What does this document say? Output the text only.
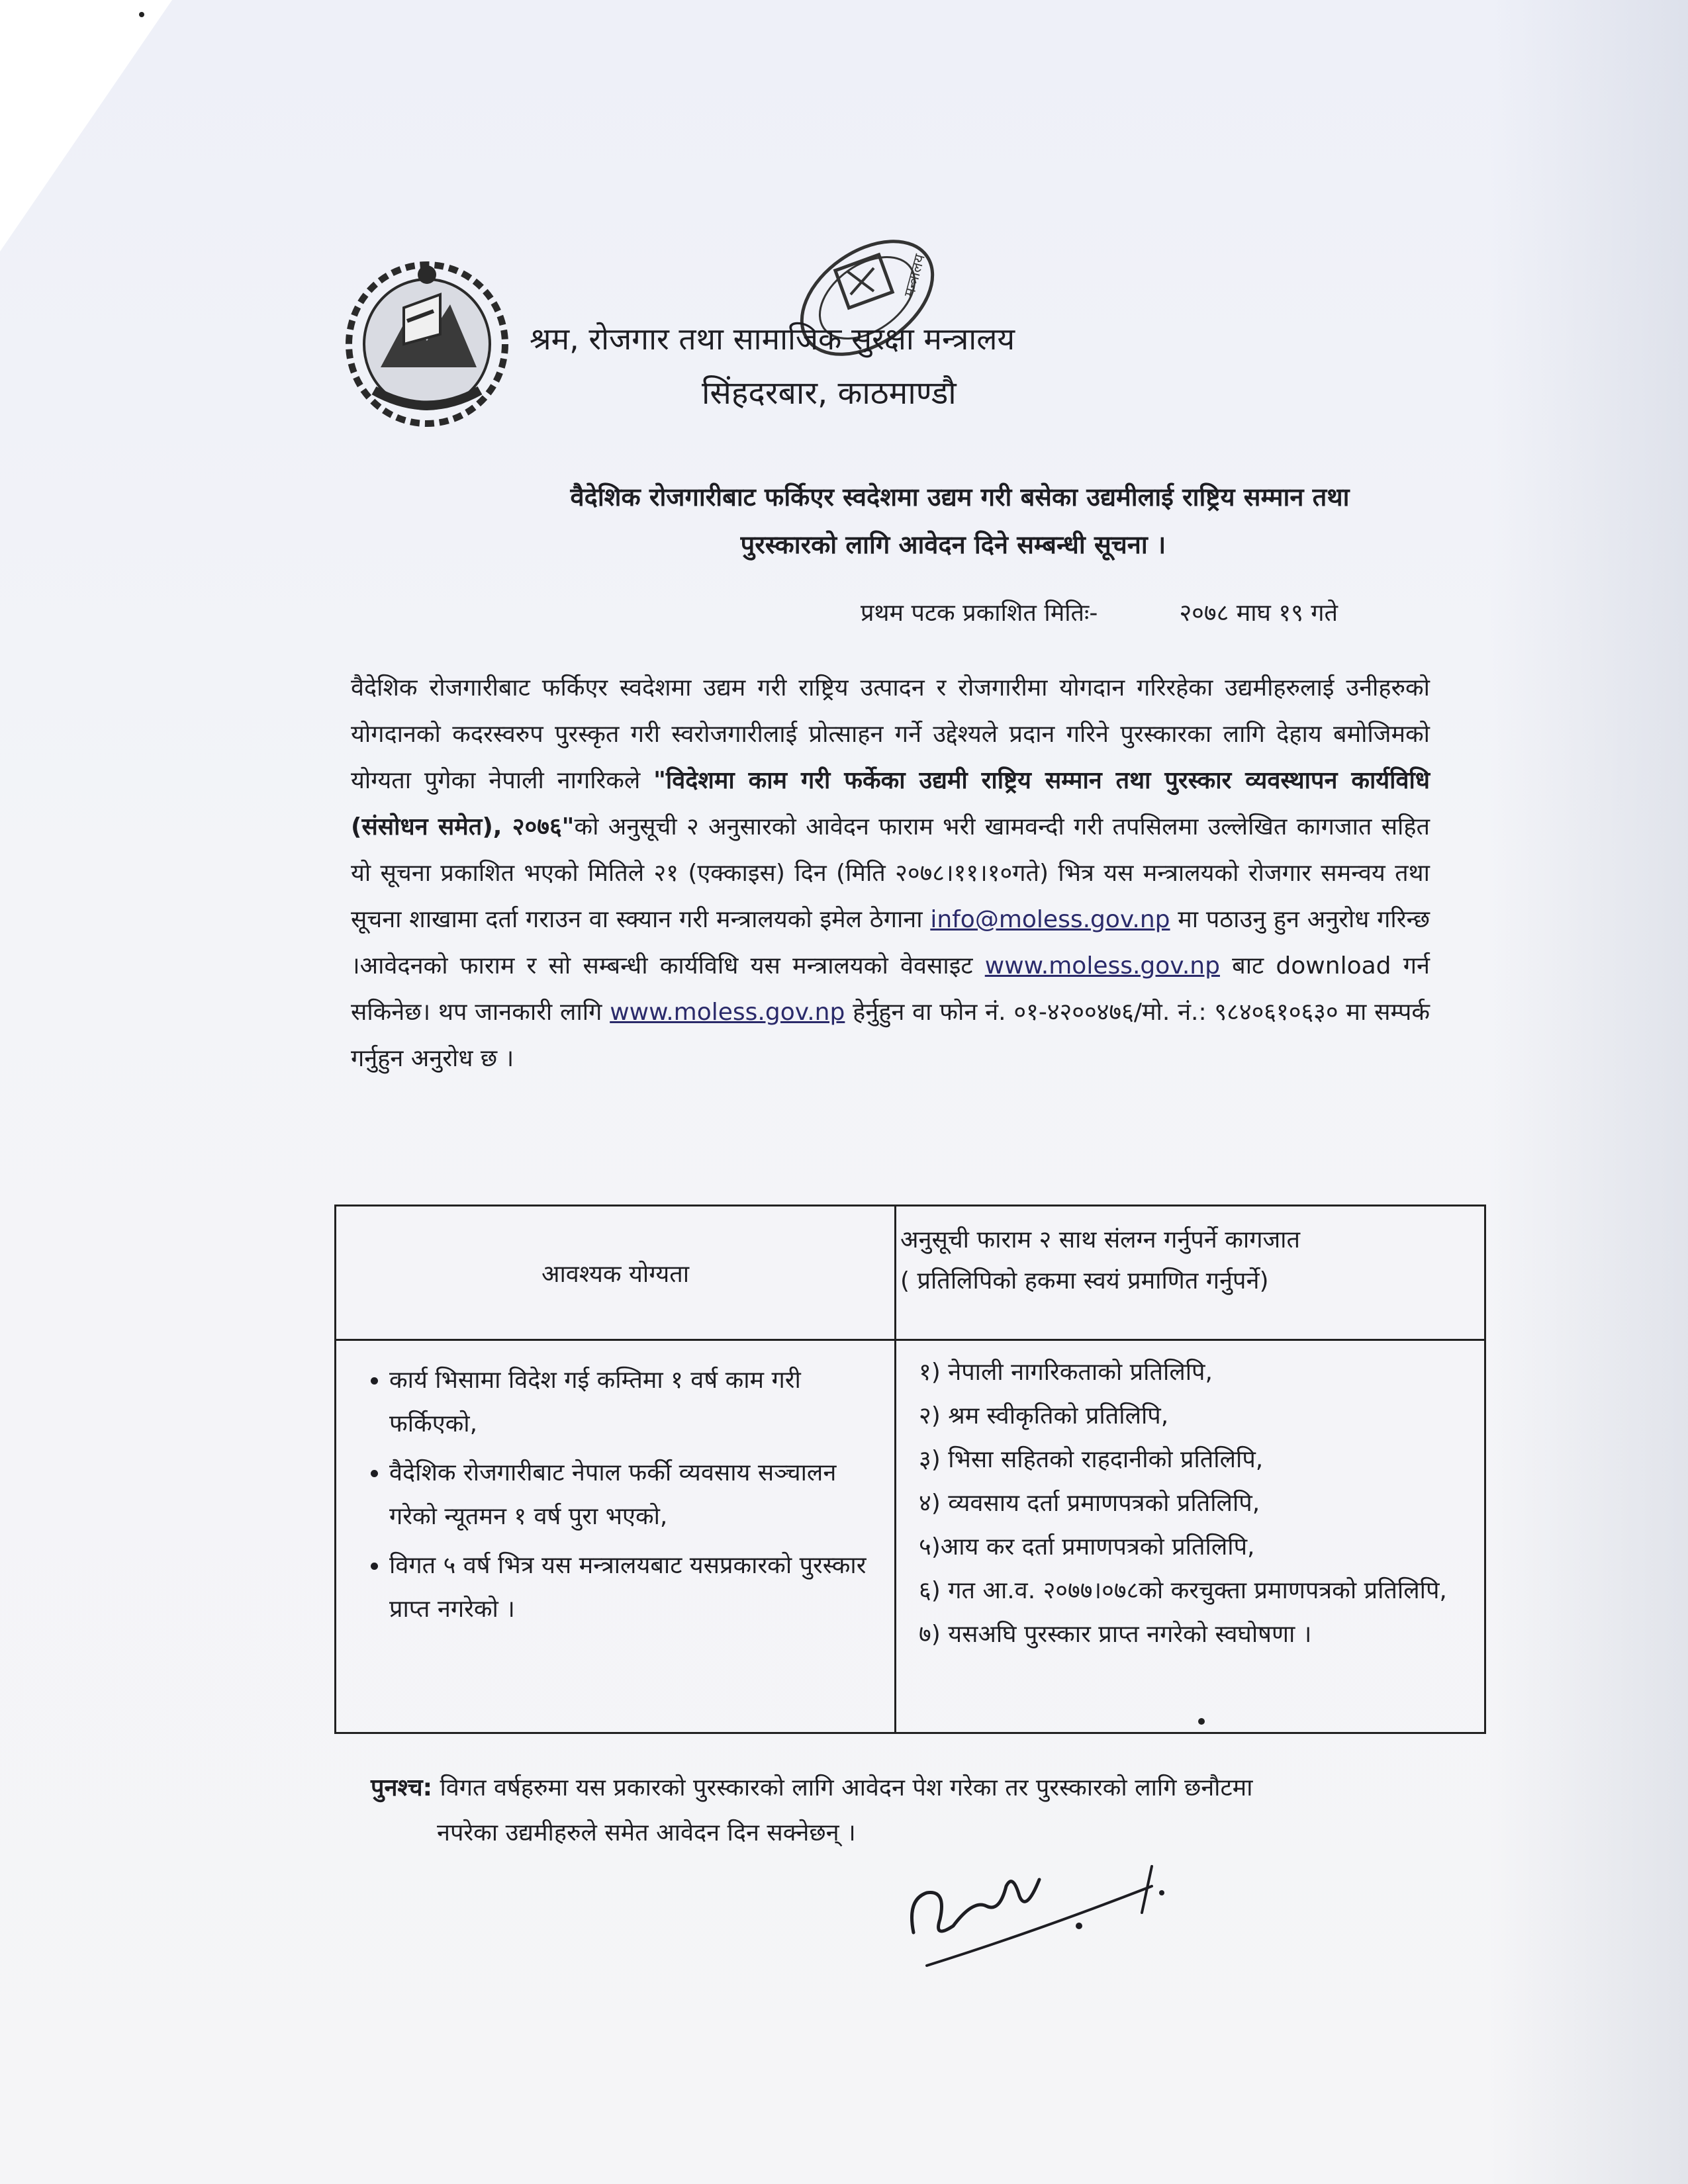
मन्त्रालय
श्रम, रोजगार तथा सामाजिक सुरक्षा मन्त्रालय
सिंहदरबार, काठमाण्डौ
वैदेशिक रोजगारीबाट फर्किएर स्वदेशमा उद्यम गरी बसेका उद्यमीलाई राष्ट्रिय सम्मान तथा
पुरस्कारको लागि आवेदन दिने सम्बन्धी सूचना ।
प्रथम पटक प्रकाशित मितिः-	२०७८ माघ १९ गते
वैदेशिक रोजगारीबाट फर्किएर स्वदेशमा उद्यम गरी राष्ट्रिय उत्पादन र रोजगारीमा योगदान गरिरहेका उद्यमीहरुलाई उनीहरुको योगदानको कदरस्वरुप पुरस्कृत गरी स्वरोजगारीलाई प्रोत्साहन गर्ने उद्देश्यले प्रदान गरिने पुरस्कारका लागि देहाय बमोजिमको योग्यता पुगेका नेपाली नागरिकले "विदेशमा काम गरी फर्केका उद्यमी राष्ट्रिय सम्मान तथा पुरस्कार व्यवस्थापन कार्यविधि (संसोधन समेत), २०७६"को अनुसूची २ अनुसारको आवेदन फाराम भरी खामवन्दी गरी तपसिलमा उल्लेखित कागजात सहित यो सूचना प्रकाशित भएको मितिले २१ (एक्काइस) दिन (मिति २०७८।११।१०गते) भित्र यस मन्त्रालयको रोजगार समन्वय तथा सूचना शाखामा दर्ता गराउन वा स्क्यान गरी मन्त्रालयको इमेल ठेगाना info@moless.gov.np मा पठाउनु हुन अनुरोध गरिन्छ ।आवेदनको फाराम र सो सम्बन्धी कार्यविधि यस मन्त्रालयको वेवसाइट www.moless.gov.np बाट download गर्न सकिनेछ। थप जानकारी लागि www.moless.gov.np हेर्नुहुन वा फोन नं. ०१-४२००४७६/मो. नं.: ९८४०६१०६३० मा सम्पर्क गर्नुहुन अनुरोध छ ।
आवश्यक योग्यता
अनुसूची फाराम २ साथ संलग्न गर्नुपर्ने कागजात
( प्रतिलिपिको हकमा स्वयं प्रमाणित गर्नुपर्ने)
• कार्य भिसामा विदेश गई कम्तिमा १ वर्ष काम गरी फर्किएको,
• वैदेशिक रोजगारीबाट नेपाल फर्की व्यवसाय सञ्चालन गरेको न्यूतमन १ वर्ष पुरा भएको,
• विगत ५ वर्ष भित्र यस मन्त्रालयबाट यसप्रकारको पुरस्कार प्राप्त नगरेको ।
१) नेपाली नागरिकताको प्रतिलिपि,
२) श्रम स्वीकृतिको प्रतिलिपि,
३) भिसा सहितको राहदानीको प्रतिलिपि,
४) व्यवसाय दर्ता प्रमाणपत्रको प्रतिलिपि,
५)आय कर दर्ता प्रमाणपत्रको प्रतिलिपि,
६) गत आ.व. २०७७।०७८को करचुक्ता प्रमाणपत्रको प्रतिलिपि,
७) यसअघि पुरस्कार प्राप्त नगरेको स्वघोषणा ।
पुनश्च: विगत वर्षहरुमा यस प्रकारको पुरस्कारको लागि आवेदन पेश गरेका तर पुरस्कारको लागि छनौटमा
नपरेका उद्यमीहरुले समेत आवेदन दिन सक्नेछन् ।
